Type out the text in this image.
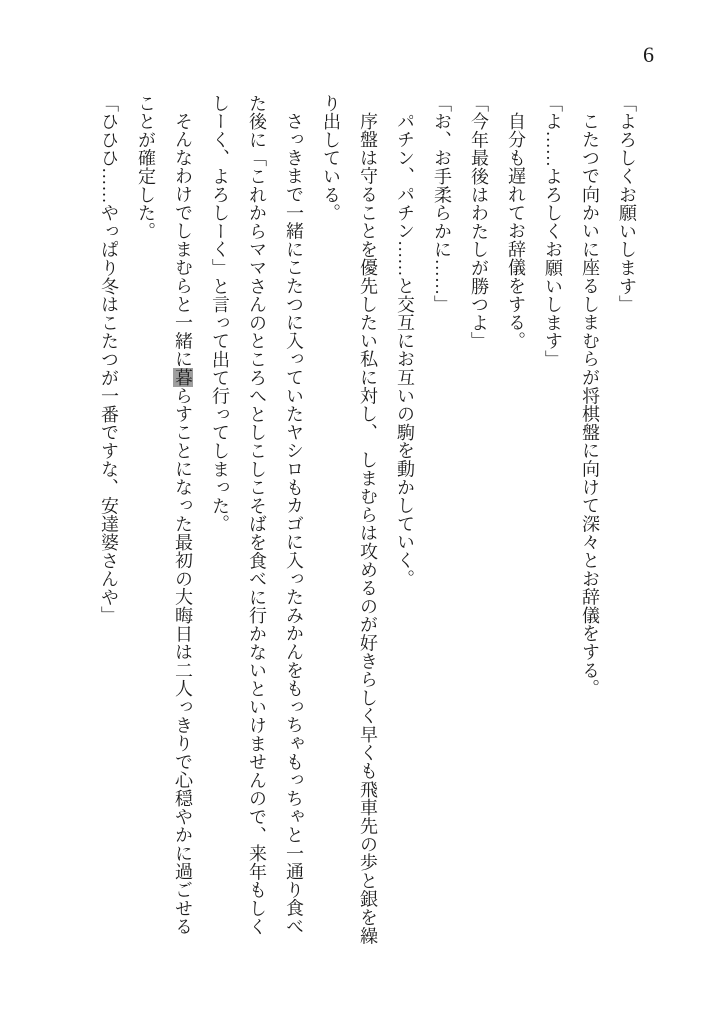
6

「よろしくお願いします」

こたつで向かいに座るしまむらが将棋盤に向けて深々とお辞儀をする。

「よ……よろしくお願いします」

自分も遅れてお辞儀をする。

「今年最後はわたしが勝つよ」

「お、お手柔らかに……」

パチン、パチン……と交互にお互いの駒を動かしていく。

序盤は守ることを優先したい私に対し、　しまむらは攻めるのが好きらしく早くも飛車先の歩と銀を繰り出している。

さっきまで一緒にこたつに入っていたヤシロもカゴに入ったみかんをもっちゃもっちゃと一通り食べた後に「これからママさんのところへとしこしこそばを食べに行かないといけませんので、来年もしくしーく、よろしーく」と言って出て行ってしまった。

そんなわけでしまむらと一緒に暮らすことになった最初の大晦日は二人っきりで心穏やかに過ごせることが確定した。

「ひひひ……やっぱり冬はこたつが一番ですな、安達婆さんや」
